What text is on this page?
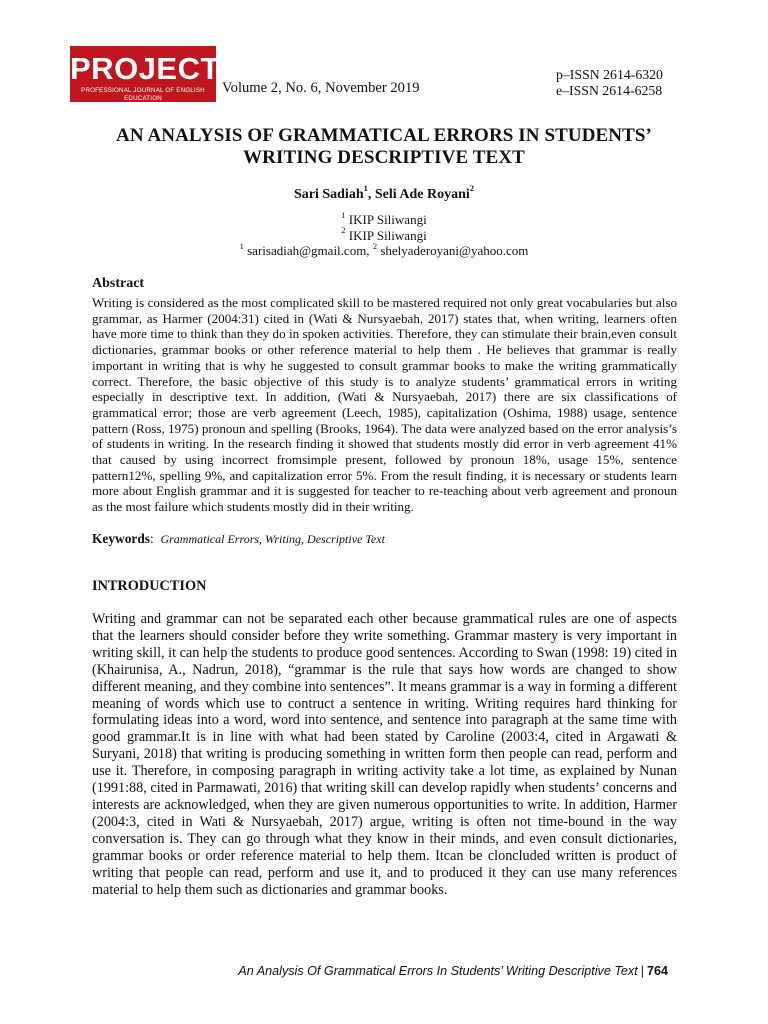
PROJECT
PROFESSIONAL JOURNAL OF ENGLISH EDUCATION
Volume 2, No. 6, November 2019
p–ISSN 2614-6320
e–ISSN 2614-6258
AN ANALYSIS OF GRAMMATICAL ERRORS IN STUDENTS’
WRITING DESCRIPTIVE TEXT
Sari Sadiah$^1$, Seli Ade Royani$^2$
$^1$ IKIP Siliwangi
$^2$ IKIP Siliwangi
$^1$ sarisadiah@gmail.com, $^2$ shelyaderoyani@yahoo.com
Abstract

Writing is considered as the most complicated skill to be mastered required not only great vocabularies but also grammar, as Harmer (2004:31) cited in (Wati & Nursyaebah, 2017) states that, when writing, learners often have more time to think than they do in spoken activities. Therefore, they can stimulate their brain,even consult dictionaries, grammar books or other reference material to help them . He believes that grammar is really important in writing that is why he suggested to consult grammar books to make the writing grammatically correct. Therefore, the basic objective of this study is to analyze students’ grammatical errors in writing especially in descriptive text. In addition, (Wati & Nursyaebah, 2017) there are six classifications of grammatical error; those are verb agreement (Leech, 1985), capitalization (Oshima, 1988) usage, sentence pattern (Ross, 1975) pronoun and spelling (Brooks, 1964). The data were analyzed based on the error analysis’s of students in writing. In the research finding it showed that students mostly did error in verb agreement 41% that caused by using incorrect fromsimple present, followed by pronoun 18%, usage 15%, sentence pattern12%, spelling 9%, and capitalization error 5%. From the result finding, it is necessary or students learn more about English grammar and it is suggested for teacher to re-teaching about verb agreement and pronoun as the most failure which students mostly did in their writing.

Keywords: Grammatical Errors, Writing, Descriptive Text
INTRODUCTION

Writing and grammar can not be separated each other because grammatical rules are one of aspects that the learners should consider before they write something. Grammar mastery is very important in writing skill, it can help the students to produce good sentences. According to Swan (1998: 19) cited in (Khairunisa, A., Nadrun, 2018), “grammar is the rule that says how words are changed to show different meaning, and they combine into sentences”. It means grammar is a way in forming a different meaning of words which use to contruct a sentence in writing. Writing requires hard thinking for formulating ideas into a word, word into sentence, and sentence into paragraph at the same time with good grammar.It is in line with what had been stated by Caroline (2003:4, cited in Argawati & Suryani, 2018) that writing is producing something in written form then people can read, perform and use it. Therefore, in composing paragraph in writing activity take a lot time, as explained by Nunan (1991:88, cited in Parmawati, 2016) that writing skill can develop rapidly when students’ concerns and interests are acknowledged, when they are given numerous opportunities to write. In addition, Harmer (2004:3, cited in Wati & Nursyaebah, 2017) argue, writing is often not time-bound in the way conversation is. They can go through what they know in their minds, and even consult dictionaries, grammar books or order reference material to help them. Itcan be cloncluded written is product of writing that people can read, perform and use it, and to produced it they can use many references material to help them such as dictionaries and grammar books.

An Analysis Of Grammatical Errors In Students’ Writing Descriptive Text | 764
